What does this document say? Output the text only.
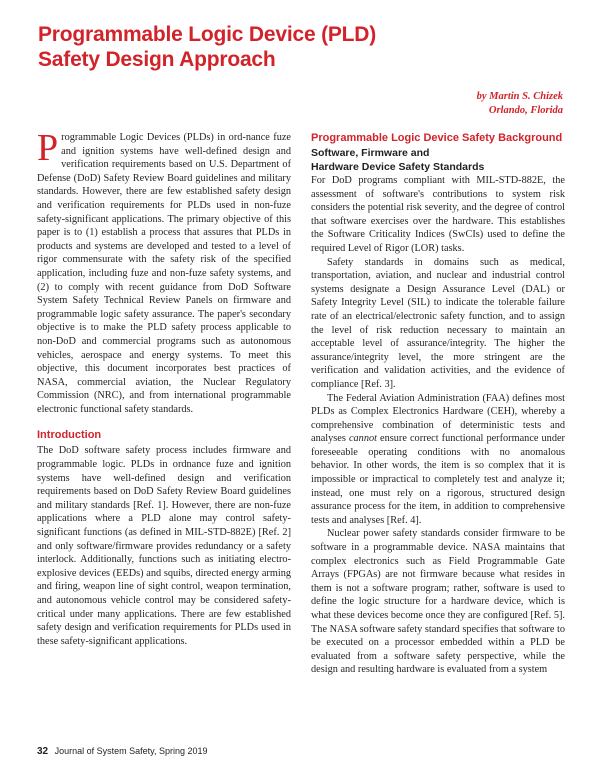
Programmable Logic Device (PLD)
Safety Design Approach
by Martin S. Chizek
Orlando, Florida

Programmable Logic Devices (PLDs) in ord-nance fuze and ignition systems have well-defined design and verification requirements based on U.S. Department of Defense (DoD) Safety Review Board guidelines and military standards. However, there are few established safety design and verification requirements for PLDs used in non-fuze safety-significant applications. The primary objective of this paper is to (1) establish a process that assures that PLDs in products and systems are developed and tested to a level of rigor commensurate with the safety risk of the specified application, including fuze and non-fuze safety systems, and (2) to comply with recent guidance from DoD Software System Safety Technical Review Panels on firmware and programmable logic safety assurance. The paper's secondary objective is to make the PLD safety process applicable to non-DoD and commercial programs such as autonomous vehicles, aerospace and energy systems. To meet this objective, this document incorporates best practices of NASA, commercial aviation, the Nuclear Regulatory Commission (NRC), and from international programmable electronic functional safety standards.

Introduction

The DoD software safety process includes firmware and programmable logic. PLDs in ordnance fuze and ignition systems have well-defined design and verification requirements based on DoD Safety Review Board guidelines and military standards [Ref. 1]. However, there are non-fuze applications where a PLD alone may control safety-significant functions (as defined in MIL-STD-882E) [Ref. 2] and only software/firmware provides redundancy or a safety interlock. Additionally, functions such as initiating electro-explosive devices (EEDs) and squibs, directed energy arming and firing, weapon line of sight control, weapon termination, and autonomous vehicle control may be considered safety-critical under many applications. There are few established safety design and verification requirements for PLDs used in these safety-significant applications.

Programmable Logic Device Safety Background
Software, Firmware and
Hardware Device Safety Standards

For DoD programs compliant with MIL-STD-882E, the assessment of software's contributions to system risk considers the potential risk severity, and the degree of control that software exercises over the hardware. This establishes the Software Criticality Indices (SwCIs) used to define the required Level of Rigor (LOR) tasks.

Safety standards in domains such as medical, transportation, aviation, and nuclear and industrial control systems designate a Design Assurance Level (DAL) or Safety Integrity Level (SIL) to indicate the tolerable failure rate of an electrical/electronic safety function, and to assign the level of risk reduction necessary to maintain an acceptable level of assurance/integrity. The higher the assurance/integrity level, the more stringent are the verification and validation activities, and the evidence of compliance [Ref. 3].

The Federal Aviation Administration (FAA) defines most PLDs as Complex Electronics Hardware (CEH), whereby a comprehensive combination of deterministic tests and analyses cannot ensure correct functional performance under foreseeable operating conditions with no anomalous behavior. In other words, the item is so complex that it is impossible or impractical to completely test and analyze it; instead, one must rely on a rigorous, structured design assurance process for the item, in addition to comprehensive tests and analyses [Ref. 4].

Nuclear power safety standards consider firmware to be software in a programmable device. NASA maintains that complex electronics such as Field Programmable Gate Arrays (FPGAs) are not firmware because what resides in them is not a software program; rather, software is used to define the logic structure for a hardware device, which is what these devices become once they are configured [Ref. 5]. The NASA software safety standard specifies that software to be executed on a processor embedded within a PLD be evaluated from a software safety perspective, while the design and resulting hardware is evaluated from a system

32 Journal of System Safety, Spring 2019
